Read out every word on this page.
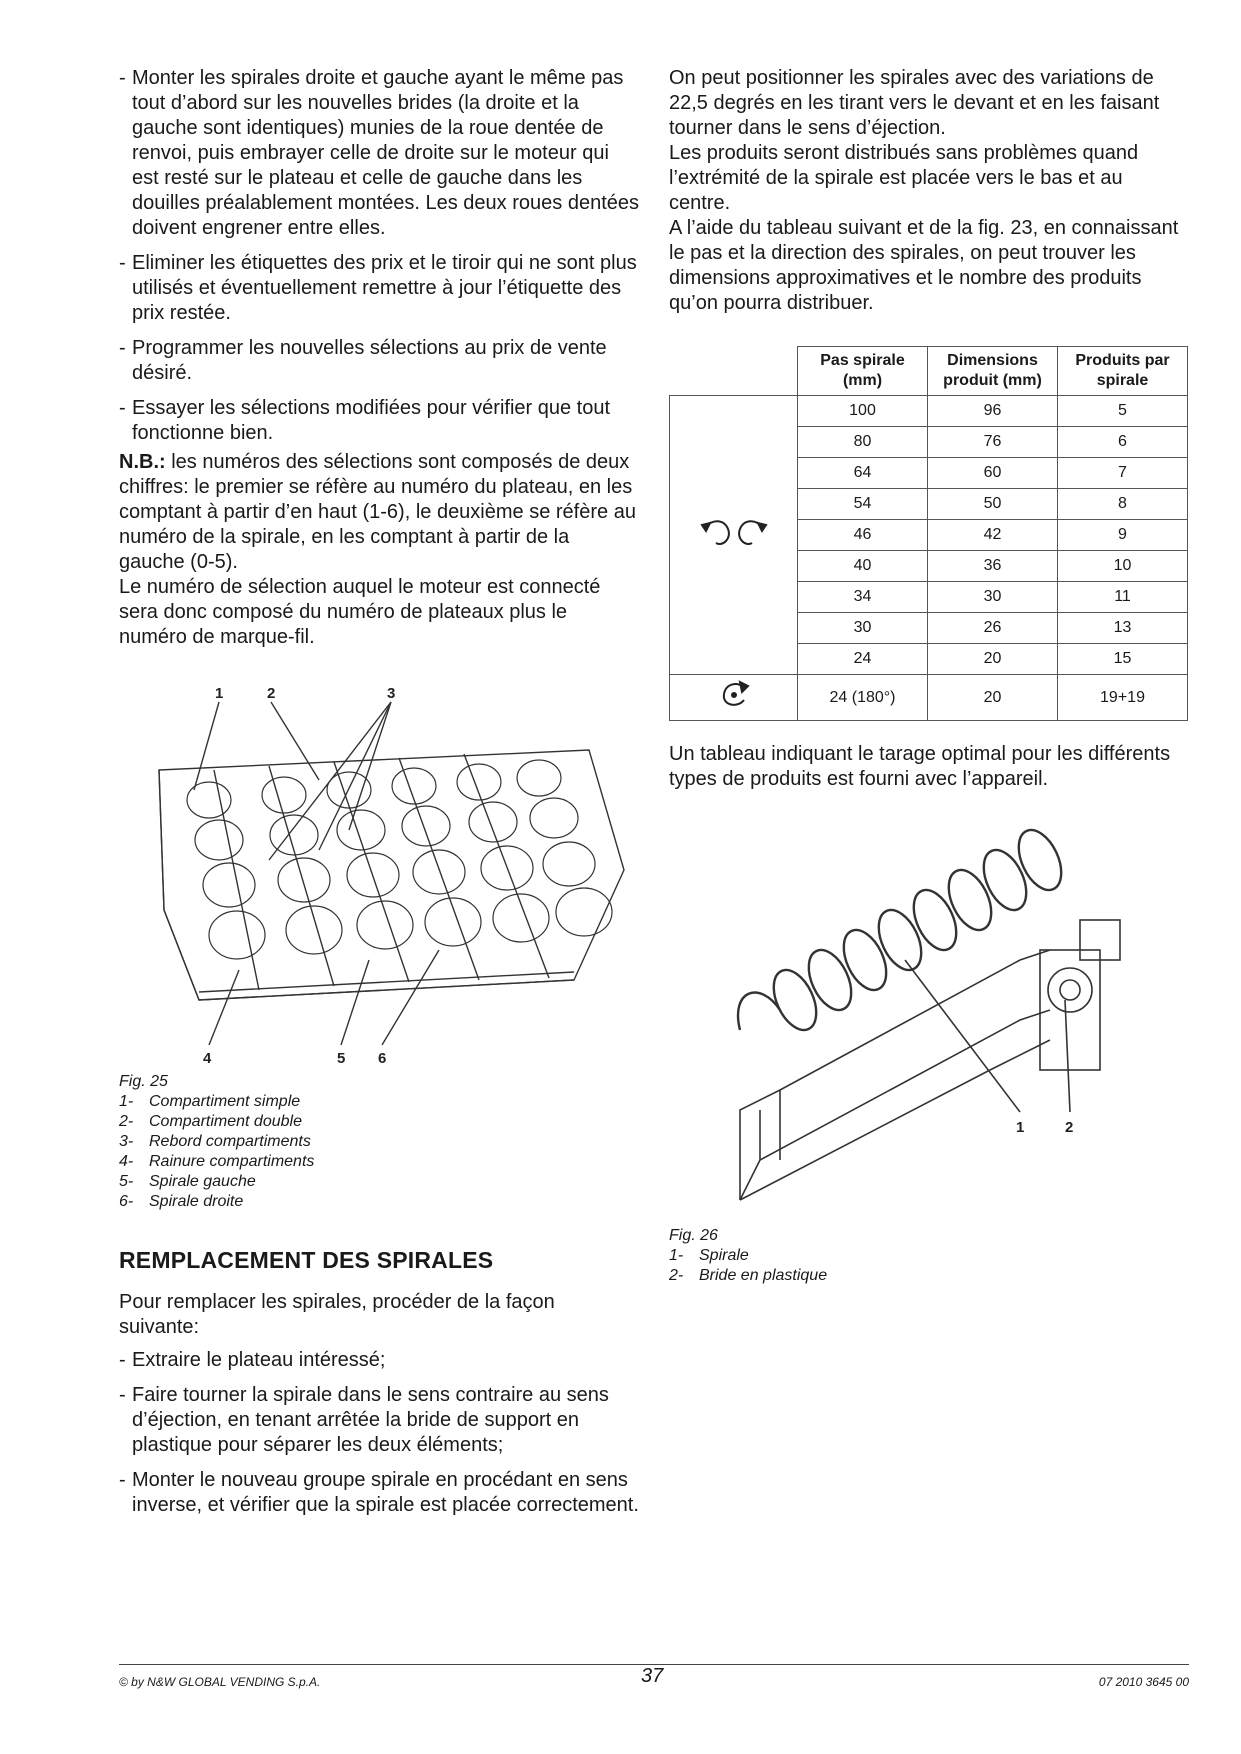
- Monter les spirales droite et gauche ayant le même pas tout d’abord sur les nouvelles brides (la droite et la gauche sont identiques) munies de la roue dentée de renvoi, puis embrayer celle de droite sur le moteur qui est resté sur le plateau et celle de gauche dans les douilles préalablement montées. Les deux roues dentées doivent engrener entre elles.
- Eliminer les étiquettes des prix et le tiroir qui ne sont plus utilisés et éventuellement remettre à jour l’étiquette des prix restée.
- Programmer les nouvelles sélections au prix de vente désiré.
- Essayer les sélections modifiées pour vérifier que tout fonctionne bien.

N.B.: les numéros des sélections sont composés de deux chiffres: le premier se réfère au numéro du plateau, en les comptant à partir d’en haut (1-6), le deuxième se réfère au numéro de la spirale, en les comptant à partir de la gauche (0-5).

Le numéro de sélection auquel le moteur est connecté sera donc composé du numéro de plateaux plus le numéro de marque-fil.

1	2	3
4	5 6
Fig. 25
1- Compartiment simple
2- Compartiment double
3- Rebord compartiments
4- Rainure compartiments
5- Spirale gauche
6- Spirale droite
REMPLACEMENT DES SPIRALES

Pour remplacer les spirales, procéder de la façon suivante:

- Extraire le plateau intéressé;
- Faire tourner la spirale dans le sens contraire au sens d’éjection, en tenant arrêtée la bride de support en plastique pour séparer les deux éléments;
- Monter le nouveau groupe spirale en procédant en sens inverse, et vérifier que la spirale est placée correctement.

On peut positionner les spirales avec des variations de 22,5 degrés en les tirant vers le devant et en les faisant tourner dans le sens d’éjection.

Les produits seront distribués sans problèmes quand l’extrémité de la spirale est placée vers le bas et au centre.

A l’aide du tableau suivant et de la fig. 23, en connaissant le pas et la direction des spirales, on peut trouver les dimensions approximatives et le nombre des produits qu’on pourra distribuer.

	Pas spirale (mm)	Dimensions produit (mm)	Produits par spirale
	100	96	5
	80	76	6
	64	60	7
	54	50	8
	46	42	9
	40	36	10
	34	30	11
	30	26	13
	24	20	15
	24 (180°)	20	19+19

Un tableau indiquant le tarage optimal pour les différents types de produits est fourni avec l’appareil.

1	2
Fig. 26
1- Spirale
2- Bride en plastique
© by N&W GLOBAL VENDING S.p.A.	37	07 2010 3645 00
